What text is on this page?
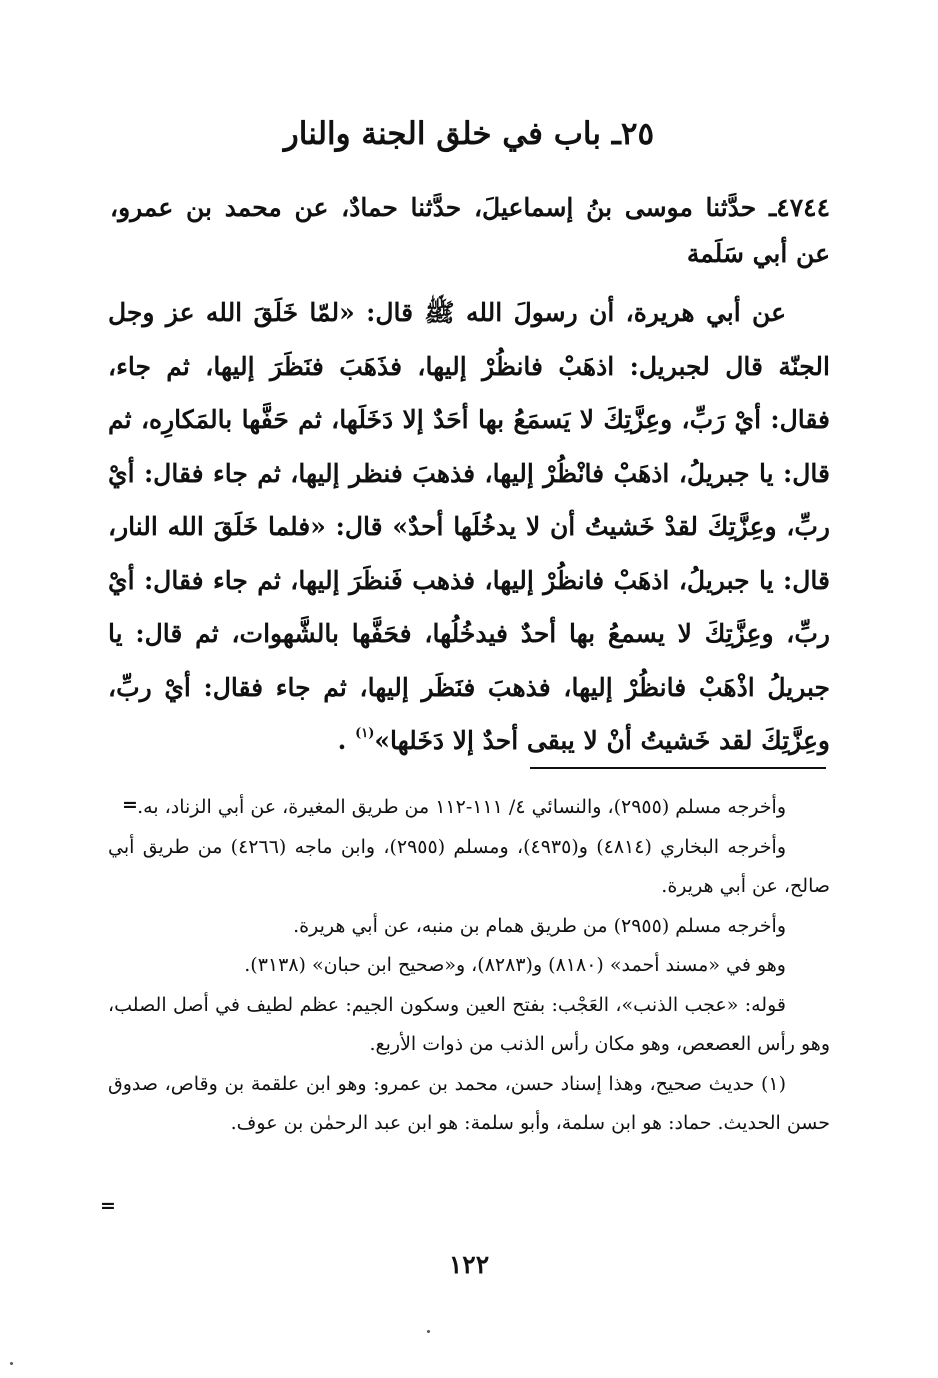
٢٥ـ باب في خلق الجنة والنار

٤٧٤٤ـ حدَّثنا موسى بنُ إسماعيلَ، حدَّثنا حمادٌ، عن محمد بن عمرو، عن أبي سَلَمة

عن أبي هريرة، أن رسولَ الله ﷺ قال: «لمّا خَلَقَ الله عز وجل الجنّة قال لجبريل: اذهَبْ فانظُرْ إليها، فذَهَبَ فنَظَرَ إليها، ثم جاء، فقال: أيْ رَبِّ، وعِزَّتِكَ لا يَسمَعُ بها أحَدٌ إلا دَخَلَها، ثم حَفَّها بالمَكارِه، ثم قال: يا جبريلُ، اذهَبْ فانْظُرْ إليها، فذهبَ فنظر إليها، ثم جاء فقال: أيْ ربِّ، وعِزَّتِكَ لقدْ خَشيتُ أن لا يدخُلَها أحدٌ» قال: «فلما خَلَقَ الله النار، قال: يا جبريلُ، اذهَبْ فانظُرْ إليها، فذهب فَنظَرَ إليها، ثم جاء فقال: أيْ ربِّ، وعِزَّتِكَ لا يسمعُ بها أحدٌ فيدخُلُها، فحَفَّها بالشَّهوات، ثم قال: يا جبريلُ اذْهَبْ فانظُرْ إليها، فذهبَ فنَظَر إليها، ثم جاء فقال: أيْ ربِّ، وعِزَّتِكَ لقد خَشيتُ أنْ لا يبقى أحدٌ إلا دَخَلها»$^{(١)}$ .

= وأخرجه مسلم (٢٩٥٥)، والنسائي ٤/ ١١١-١١٢ من طريق المغيرة، عن أبي الزناد، به.

وأخرجه البخاري (٤٨١٤) و(٤٩٣٥)، ومسلم (٢٩٥٥)، وابن ماجه (٤٢٦٦) من طريق أبي صالح، عن أبي هريرة.

وأخرجه مسلم (٢٩٥٥) من طريق همام بن منبه، عن أبي هريرة.

وهو في «مسند أحمد» (٨١٨٠) و(٨٢٨٣)، و«صحيح ابن حبان» (٣١٣٨).

قوله: «عجب الذنب»، العَجْب: بفتح العين وسكون الجيم: عظم لطيف في أصل الصلب، وهو رأس العصعص، وهو مكان رأس الذنب من ذوات الأربع.

(١) حديث صحيح، وهذا إسناد حسن، محمد بن عمرو: وهو ابن علقمة بن وقاص، صدوق حسن الحديث. حماد: هو ابن سلمة، وأبو سلمة: هو ابن عبد الرحمٰن بن عوف.

=
١٢٢
